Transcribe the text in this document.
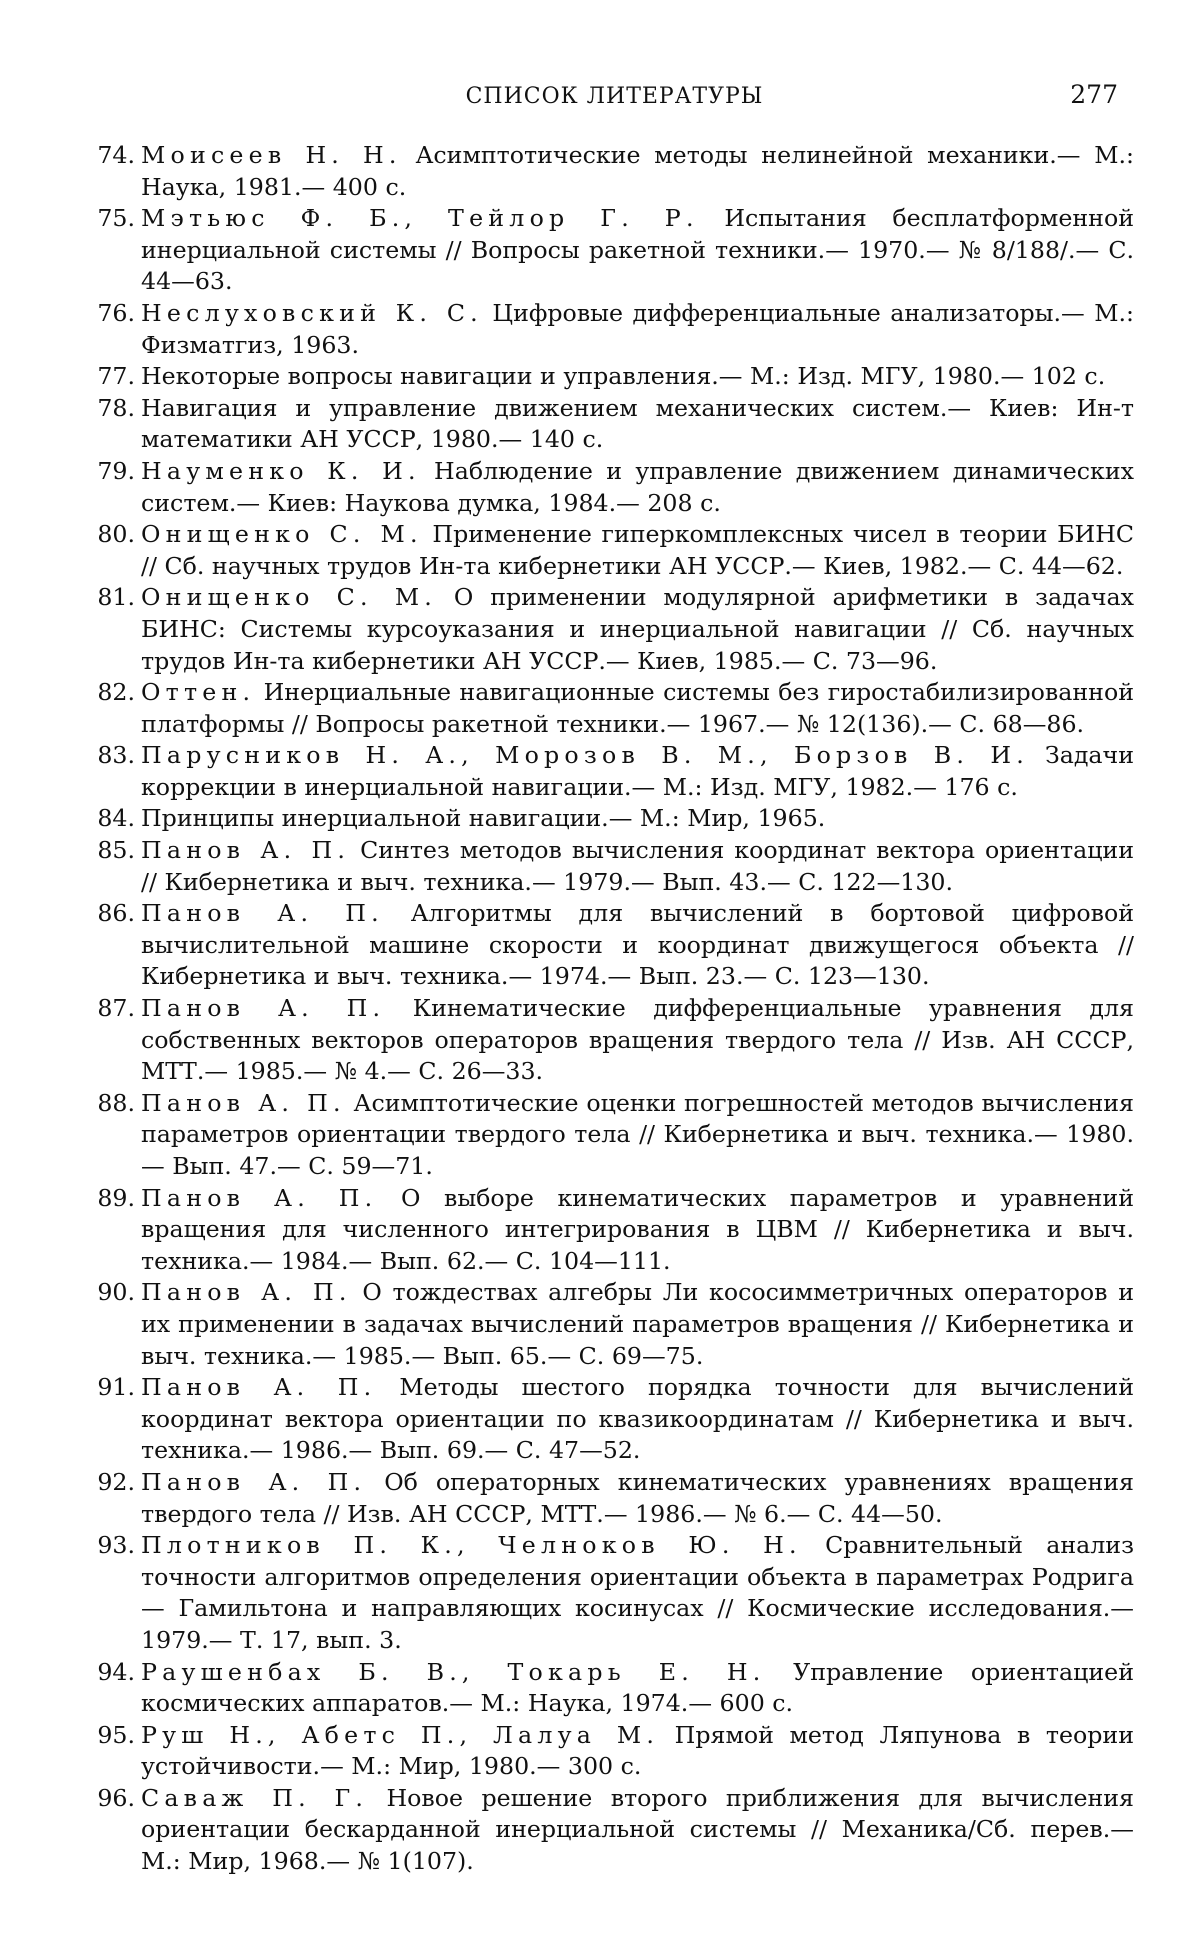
СПИСОК ЛИТЕРАТУРЫ	277
74. Моисеев Н. Н. Асимптотические методы нелинейной механики.— М.: Наука, 1981.— 400 с.
75. Мэтьюс Ф. Б., Тейлор Г. Р. Испытания бесплатформенной инерциальной системы // Вопросы ракетной техники.— 1970.— № 8/188/.— С. 44—63.
76. Неслуховский К. С. Цифровые дифференциальные анализаторы.— М.: Физматгиз, 1963.
77. Некоторые вопросы навигации и управления.— М.: Изд. МГУ, 1980.— 102 с.
78. Навигация и управление движением механических систем.— Киев: Ин-т математики АН УССР, 1980.— 140 с.
79. Науменко К. И. Наблюдение и управление движением динамических систем.— Киев: Наукова думка, 1984.— 208 с.
80. Онищенко С. М. Применение гиперкомплексных чисел в теории БИНС // Сб. научных трудов Ин-та кибернетики АН УССР.— Киев, 1982.— С. 44—62.
81. Онищенко С. М. О применении модулярной арифметики в задачах БИНС: Системы курсоуказания и инерциальной навигации // Сб. научных трудов Ин-та кибернетики АН УССР.— Киев, 1985.— С. 73—96.
82. Оттен. Инерциальные навигационные системы без гиростабилизированной платформы // Вопросы ракетной техники.— 1967.— № 12(136).— С. 68—86.
83. Парусников Н. А., Морозов В. М., Борзов В. И. Задачи коррекции в инерциальной навигации.— М.: Изд. МГУ, 1982.— 176 с.
84. Принципы инерциальной навигации.— М.: Мир, 1965.
85. Панов А. П. Синтез методов вычисления координат вектора ориентации // Кибернетика и выч. техника.— 1979.— Вып. 43.— С. 122—130.
86. Панов А. П. Алгоритмы для вычислений в бортовой цифровой вычислительной машине скорости и координат движущегося объекта // Кибернетика и выч. техника.— 1974.— Вып. 23.— С. 123—130.
87. Панов А. П. Кинематические дифференциальные уравнения для собственных векторов операторов вращения твердого тела // Изв. АН СССР, МТТ.— 1985.— № 4.— С. 26—33.
88. Панов А. П. Асимптотические оценки погрешностей методов вычисления параметров ориентации твердого тела // Кибернетика и выч. техника.— 1980.— Вып. 47.— С. 59—71.
89. Панов А. П. О выборе кинематических параметров и уравнений вращения для численного интегрирования в ЦВМ // Кибернетика и выч. техника.— 1984.— Вып. 62.— С. 104—111.
90. Панов А. П. О тождествах алгебры Ли кососимметричных операторов и их применении в задачах вычислений параметров вращения // Кибернетика и выч. техника.— 1985.— Вып. 65.— С. 69—75.
91. Панов А. П. Методы шестого порядка точности для вычислений координат вектора ориентации по квазикоординатам // Кибернетика и выч. техника.— 1986.— Вып. 69.— С. 47—52.
92. Панов А. П. Об операторных кинематических уравнениях вращения твердого тела // Изв. АН СССР, МТТ.— 1986.— № 6.— С. 44—50.
93. Плотников П. К., Челноков Ю. Н. Сравнительный анализ точности алгоритмов определения ориентации объекта в параметрах Родрига — Гамильтона и направляющих косинусах // Космические исследования.— 1979.— Т. 17, вып. 3.
94. Раушенбах Б. В., Токарь Е. Н. Управление ориентацией космических аппаратов.— М.: Наука, 1974.— 600 с.
95. Руш Н., Абетс П., Лалуа М. Прямой метод Ляпунова в теории устойчивости.— М.: Мир, 1980.— 300 с.
96. Саваж П. Г. Новое решение второго приближения для вычисления ориентации бескарданной инерциальной системы // Механика/Сб. перев.— М.: Мир, 1968.— № 1(107).
